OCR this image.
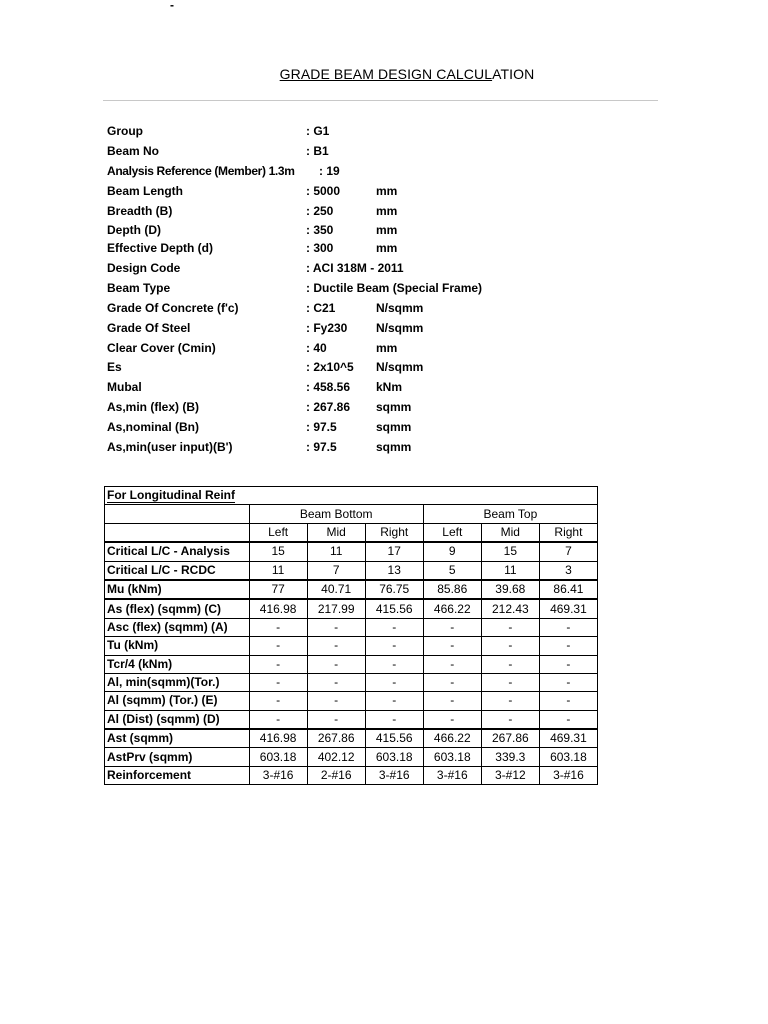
-
GRADE BEAM DESIGN CALCULATION
Group	: G1
Beam No	: B1
Analysis Reference (Member) 1.3m : 19
Beam Length	: 5000	mm
Breadth (B)	: 250	mm
Depth (D)	: 350	mm
Effective Depth (d)	: 300	mm
Design Code	: ACI 318M - 2011
Beam Type	: Ductile Beam (Special Frame)
Grade Of Concrete (f'c)	: C21	N/sqmm
Grade Of Steel	: Fy230 N/sqmm
Clear Cover (Cmin)	: 40	mm
Es	: 2x10^5 N/sqmm
Mubal	: 458.56 kNm
As,min (flex) (B)	: 267.86 sqmm
As,nominal (Bn)	: 97.5	sqmm
As,min(user input)(B')	: 97.5	sqmm
For Longitudinal Reinf						
	Beam Bottom			Beam Top		
	Left	Mid	Right	Left	Mid	Right
Critical L/C - Analysis	15	11	17	9	15	7
Critical L/C - RCDC	11	7	13	5	11	3
Mu (kNm)	77	40.71	76.75	85.86	39.68	86.41
As (flex) (sqmm) (C)	416.98	217.99	415.56	466.22	212.43	469.31
Asc (flex) (sqmm) (A)	-	-	-	-	-	-
Tu (kNm)	-	-	-	-	-	-
Tcr/4 (kNm)	-	-	-	-	-	-
Al, min(sqmm)(Tor.)	-	-	-	-	-	-
Al (sqmm) (Tor.) (E)	-	-	-	-	-	-
Al (Dist) (sqmm) (D)	-	-	-	-	-	-
Ast (sqmm)	416.98	267.86	415.56	466.22	267.86	469.31
AstPrv (sqmm)	603.18	402.12	603.18	603.18	339.3	603.18
Reinforcement	3-#16	2-#16	3-#16	3-#16	3-#12	3-#16
